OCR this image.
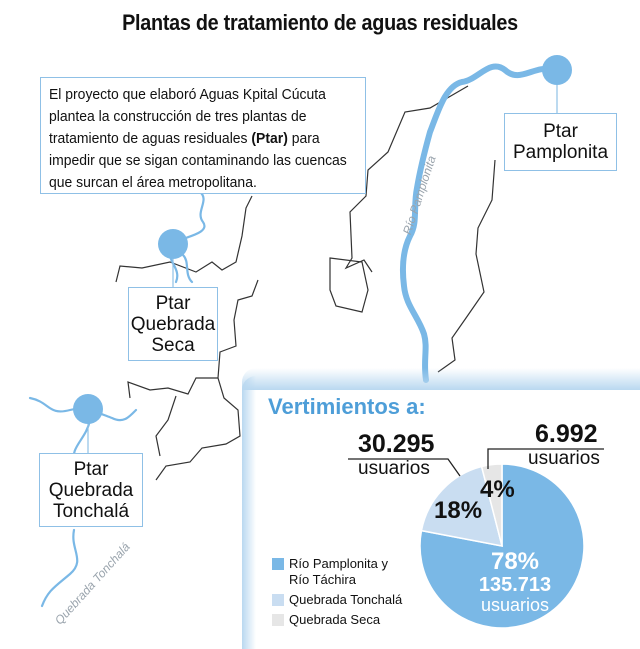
Plantas de tratamiento de aguas residuales
El proyecto que elaboró Aguas Kpital Cúcuta plantea la construcción de tres plantas de tratamiento de aguas residuales (Ptar) para impedir que se sigan contaminando las cuencas que surcan el área metropolitana.
Ptar
Pamplonita
Ptar
Quebrada
Seca
Ptar
Quebrada
Tonchalá
Río Pamplonita
Quebrada Tonchalá
Vertimientos a:
30.295
usuarios
6.992
usuarios
18%
4%
78%
135.713
usuarios
Río Pamplonita y
Río Táchira
Quebrada Tonchalá
Quebrada Seca
